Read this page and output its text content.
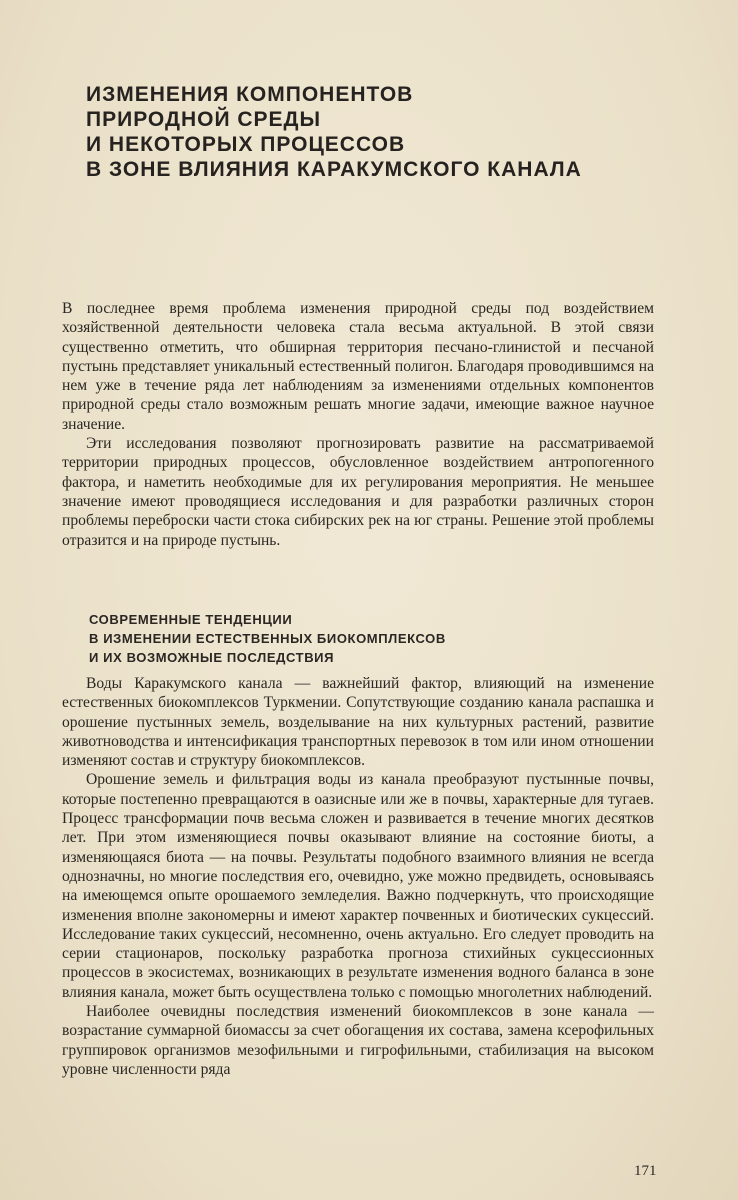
ИЗМЕНЕНИЯ КОМПОНЕНТОВ
ПРИРОДНОЙ СРЕДЫ
И НЕКОТОРЫХ ПРОЦЕССОВ
В ЗОНЕ ВЛИЯНИЯ КАРАКУМСКОГО КАНАЛА

В последнее время проблема изменения природной среды под воздействием хозяйственной деятельности человека стала весьма актуальной. В этой связи существенно отметить, что обширная территория песчано-глинистой и песчаной пустынь представляет уникальный естественный полигон. Благодаря проводившимся на нем уже в течение ряда лет наблюдениям за изменениями отдельных компонентов природной среды стало возможным решать многие задачи, имеющие важное научное значение.

Эти исследования позволяют прогнозировать развитие на рассматриваемой территории природных процессов, обусловленное воздействием антропогенного фактора, и наметить необходимые для их регулирования мероприятия. Не меньшее значение имеют проводящиеся исследования и для разработки различных сторон проблемы переброски части стока сибирских рек на юг страны. Решение этой проблемы отразится и на природе пустынь.

СОВРЕМЕННЫЕ ТЕНДЕНЦИИ
В ИЗМЕНЕНИИ ЕСТЕСТВЕННЫХ БИОКОМПЛЕКСОВ
И ИХ ВОЗМОЖНЫЕ ПОСЛЕДСТВИЯ

Воды Каракумского канала — важнейший фактор, влияющий на изменение естественных биокомплексов Туркмении. Сопутствующие созданию канала распашка и орошение пустынных земель, возделывание на них культурных растений, развитие животноводства и интенсификация транспортных перевозок в том или ином отношении изменяют состав и структуру биокомплексов.

Орошение земель и фильтрация воды из канала преобразуют пустынные почвы, которые постепенно превращаются в оазисные или же в почвы, характерные для тугаев. Процесс трансформации почв весьма сложен и развивается в течение многих десятков лет. При этом изменяющиеся почвы оказывают влияние на состояние биоты, а изменяющаяся биота — на почвы. Результаты подобного взаимного влияния не всегда однозначны, но многие последствия его, очевидно, уже можно предвидеть, основываясь на имеющемся опыте орошаемого земледелия. Важно подчеркнуть, что происходящие изменения вполне закономерны и имеют характер почвенных и биотических сукцессий. Исследование таких сукцессий, несомненно, очень актуально. Его следует проводить на серии стационаров, поскольку разработка прогноза стихийных сукцессионных процессов в экосистемах, возникающих в результате изменения водного баланса в зоне влияния канала, может быть осуществлена только с помощью многолетних наблюдений.

Наиболее очевидны последствия изменений биокомплексов в зоне канала — возрастание суммарной биомассы за счет обогащения их состава, замена ксерофильных группировок организмов мезофильными и гигрофильными, стабилизация на высоком уровне численности ряда

171
